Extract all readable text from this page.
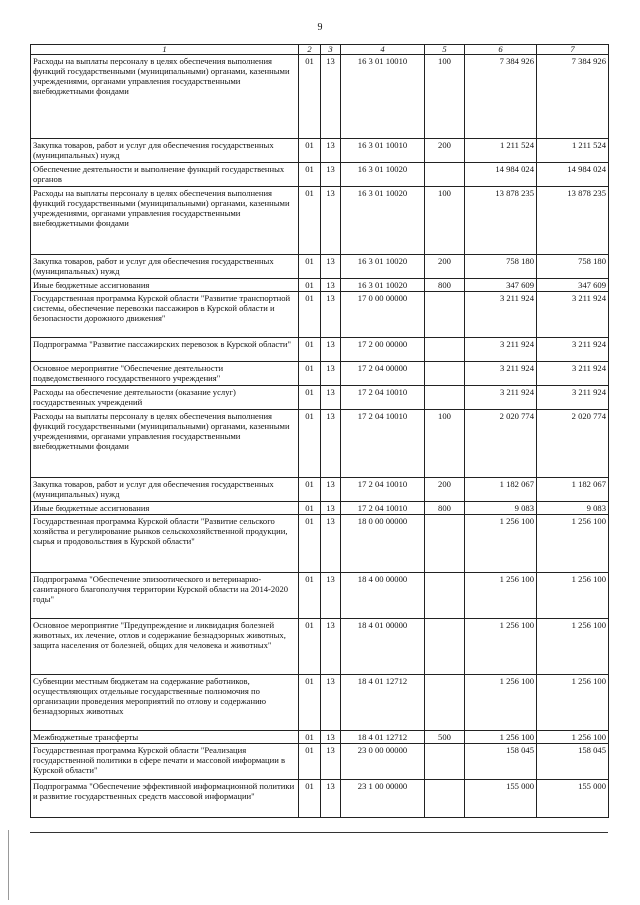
9
1	2	3	4	5	6	7
Расходы на выплаты персоналу в целях обеспечения выполнения функций государственными (муниципальными) органами, казенными учреждениями, органами управления государственными внебюджетными фондами	01	13	16 3 01 10010	100	7 384 926	7 384 926
Закупка товаров, работ и услуг для обеспечения государственных (муниципальных) нужд	01	13	16 3 01 10010	200	1 211 524	1 211 524
Обеспечение деятельности и выполнение функций государственных органов	01	13	16 3 01 10020		14 984 024	14 984 024
Расходы на выплаты персоналу в целях обеспечения выполнения функций государственными (муниципальными) органами, казенными учреждениями, органами управления государственными внебюджетными фондами	01	13	16 3 01 10020	100	13 878 235	13 878 235
Закупка товаров, работ и услуг для обеспечения государственных (муниципальных) нужд	01	13	16 3 01 10020	200	758 180	758 180
Иные бюджетные ассигнования	01	13	16 3 01 10020	800	347 609	347 609
Государственная программа Курской области "Развитие транспортной системы, обеспечение перевозки пассажиров в Курской области и безопасности дорожного движения"	01	13	17 0 00 00000		3 211 924	3 211 924
Подпрограмма "Развитие пассажирских перевозок в Курской области"	01	13	17 2 00 00000		3 211 924	3 211 924
Основное мероприятие "Обеспечение деятельности подведомственного государственного учреждения"	01	13	17 2 04 00000		3 211 924	3 211 924
Расходы на обеспечение деятельности (оказание услуг) государственных учреждений	01	13	17 2 04 10010		3 211 924	3 211 924
Расходы на выплаты персоналу в целях обеспечения выполнения функций государственными (муниципальными) органами, казенными учреждениями, органами управления государственными внебюджетными фондами	01	13	17 2 04 10010	100	2 020 774	2 020 774
Закупка товаров, работ и услуг для обеспечения государственных (муниципальных) нужд	01	13	17 2 04 10010	200	1 182 067	1 182 067
Иные бюджетные ассигнования	01	13	17 2 04 10010	800	9 083	9 083
Государственная программа Курской области "Развитие сельского хозяйства и регулирование рынков сельскохозяйственной продукции, сырья и продовольствия в Курской области"	01	13	18 0 00 00000		1 256 100	1 256 100
Подпрограмма "Обеспечение эпизоотического и ветеринарно-санитарного благополучия территории Курской области на 2014-2020 годы"	01	13	18 4 00 00000		1 256 100	1 256 100
Основное мероприятие "Предупреждение и ликвидация болезней животных, их лечение, отлов и содержание безнадзорных животных, защита населения от болезней, общих для человека и животных"	01	13	18 4 01 00000		1 256 100	1 256 100
Субвенции местным бюджетам на содержание работников, осуществляющих отдельные государственные полномочия по организации проведения мероприятий по отлову и содержанию безнадзорных животных	01	13	18 4 01 12712		1 256 100	1 256 100
Межбюджетные трансферты	01	13	18 4 01 12712	500	1 256 100	1 256 100
Государственная программа Курской области "Реализация государственной политики в сфере печати и массовой информации в Курской области"	01	13	23 0 00 00000		158 045	158 045
Подпрограмма "Обеспечение эффективной информационной политики и развитие государственных средств массовой информации"	01	13	23 1 00 00000		155 000	155 000
